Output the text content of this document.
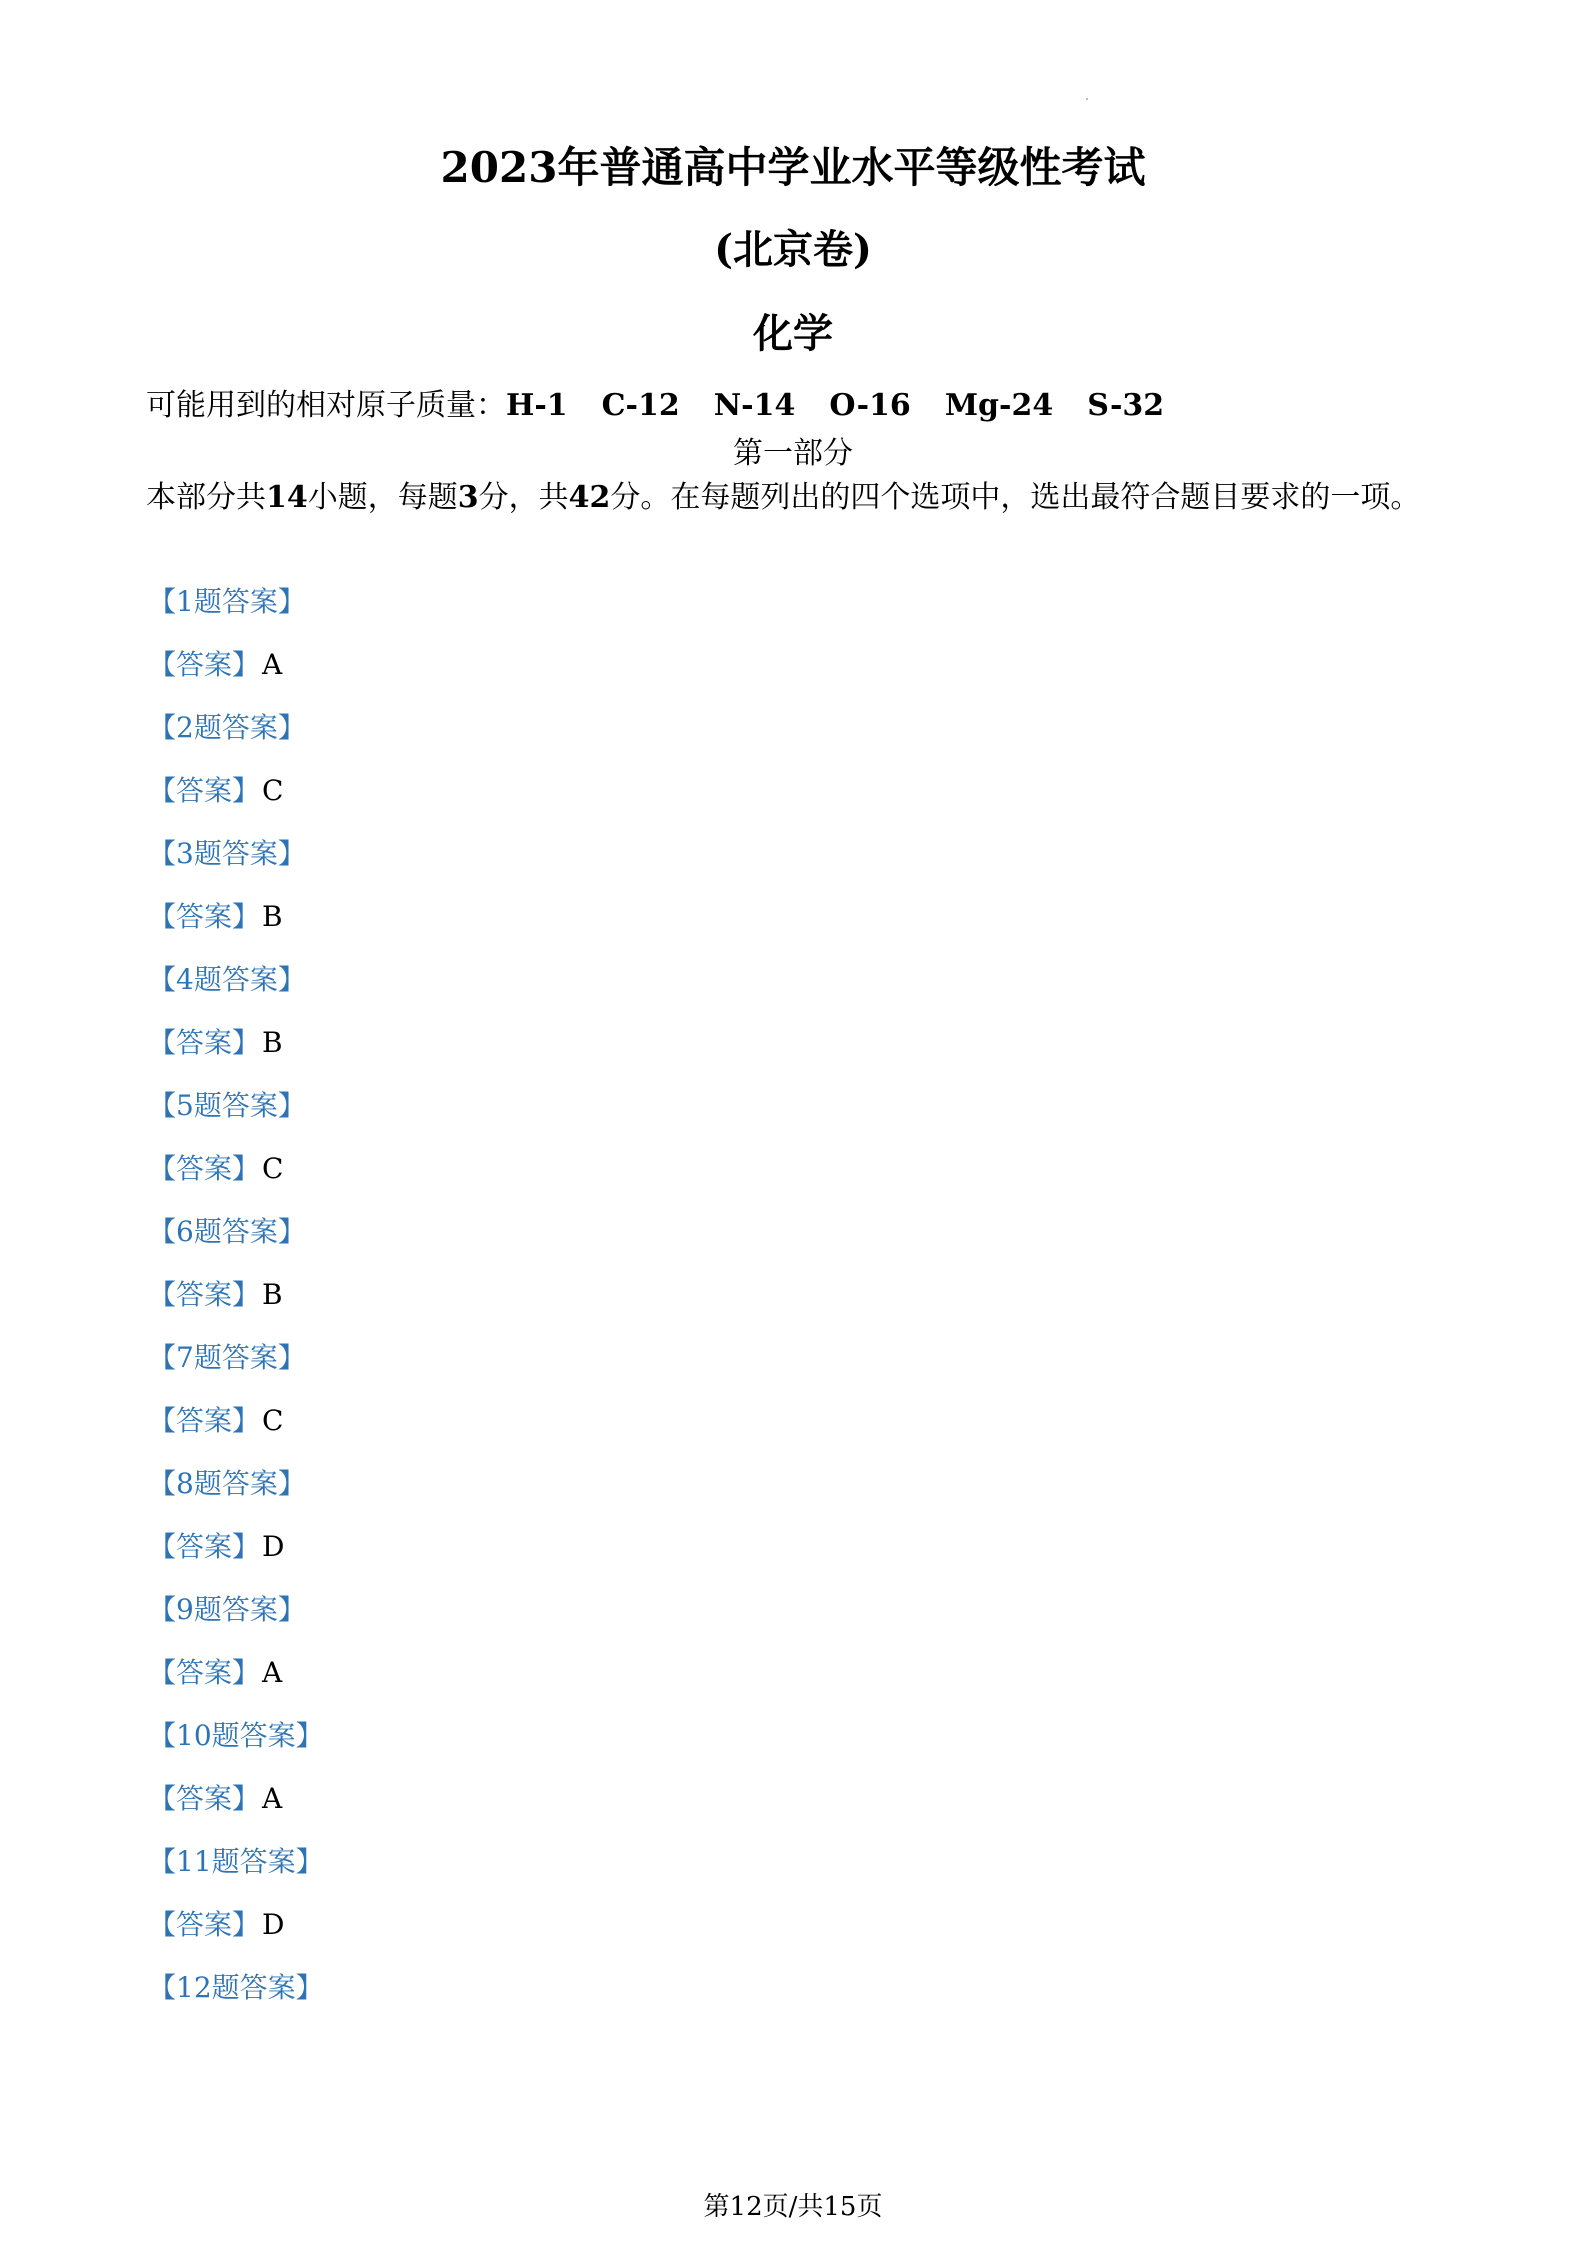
2023年普通高中学业水平等级性考试
(北京卷)
化学

可能用到的相对原子质量：H-1 C-12 N-14 O-16 Mg-24 S-32

第一部分

本部分共14小题，每题3分，共42分。在每题列出的四个选项中，选出最符合题目要求的一项。

【1题答案】
【答案】A
【2题答案】
【答案】C
【3题答案】
【答案】B
【4题答案】
【答案】B
【5题答案】
【答案】C
【6题答案】
【答案】B
【7题答案】
【答案】C
【8题答案】
【答案】D
【9题答案】
【答案】A
【10题答案】
【答案】A
【11题答案】
【答案】D
【12题答案】

第12页/共15页
